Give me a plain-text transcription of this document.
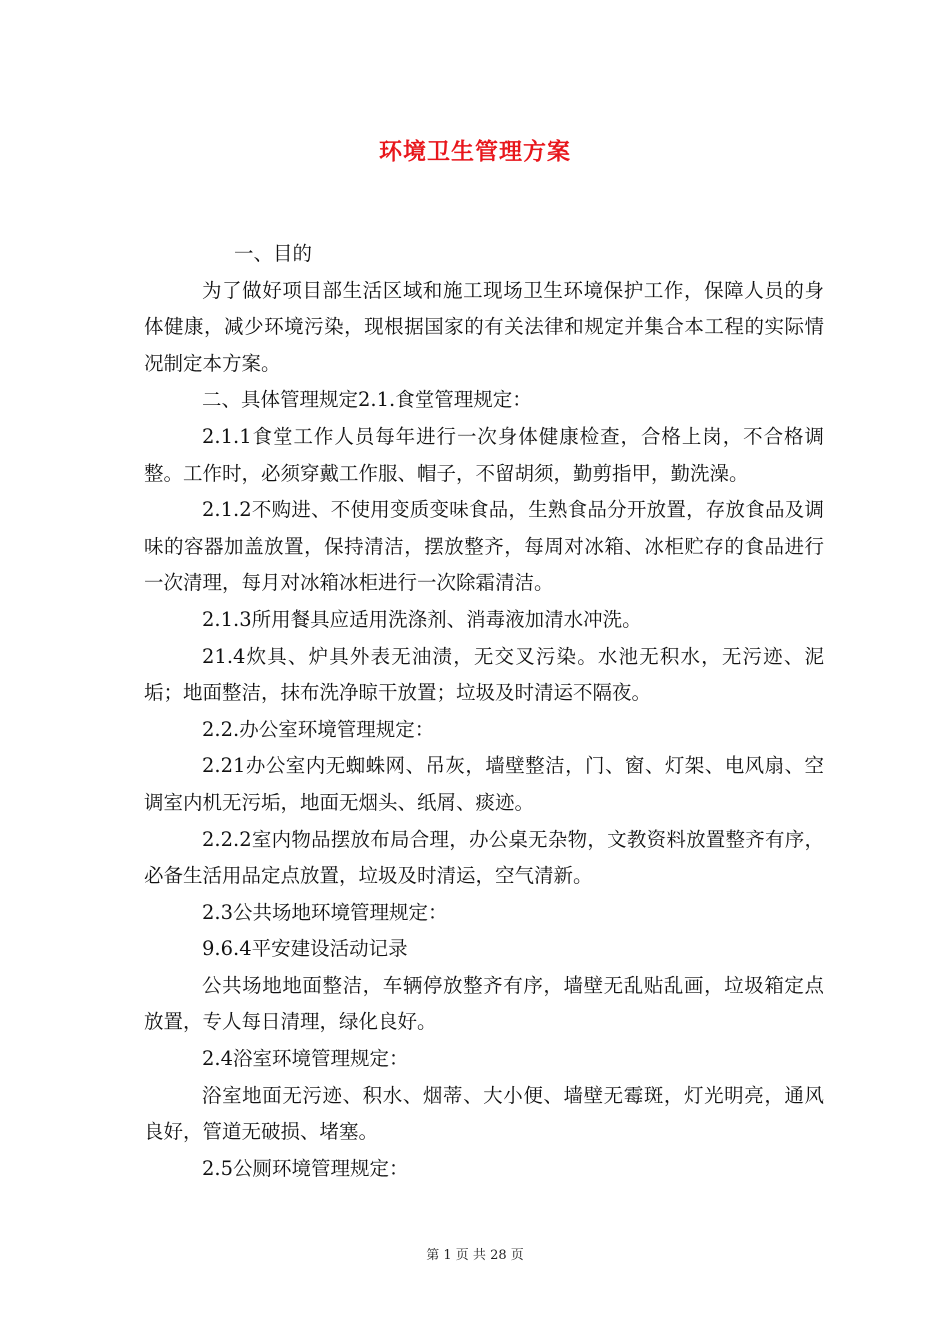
环境卫生管理方案

一、目的

为了做好项目部生活区域和施工现场卫生环境保护工作，保障人员的身体健康，减少环境污染，现根据国家的有关法律和规定并集合本工程的实际情况制定本方案。

二、具体管理规定2.1.食堂管理规定：

2.1.1食堂工作人员每年进行一次身体健康检查，合格上岗，不合格调整。工作时，必须穿戴工作服、帽子，不留胡须，勤剪指甲，勤洗澡。

2.1.2不购进、不使用变质变味食品，生熟食品分开放置，存放食品及调味的容器加盖放置，保持清洁，摆放整齐，每周对冰箱、冰柜贮存的食品进行一次清理，每月对冰箱冰柜进行一次除霜清洁。

2.1.3所用餐具应适用洗涤剂、消毒液加清水冲洗。

21.4炊具、炉具外表无油渍，无交叉污染。水池无积水，无污迹、泥垢；地面整洁，抹布洗净晾干放置；垃圾及时清运不隔夜。

2.2.办公室环境管理规定：

2.21办公室内无蜘蛛网、吊灰，墙壁整洁，门、窗、灯架、电风扇、空调室内机无污垢，地面无烟头、纸屑、痰迹。

2.2.2室内物品摆放布局合理，办公桌无杂物，文教资料放置整齐有序，必备生活用品定点放置，垃圾及时清运，空气清新。

2.3公共场地环境管理规定：

9.6.4平安建设活动记录

公共场地地面整洁，车辆停放整齐有序，墙壁无乱贴乱画，垃圾箱定点放置，专人每日清理，绿化良好。

2.4浴室环境管理规定：

浴室地面无污迹、积水、烟蒂、大小便、墙壁无霉斑，灯光明亮，通风良好，管道无破损、堵塞。

2.5公厕环境管理规定：

第 1 页 共 28 页
